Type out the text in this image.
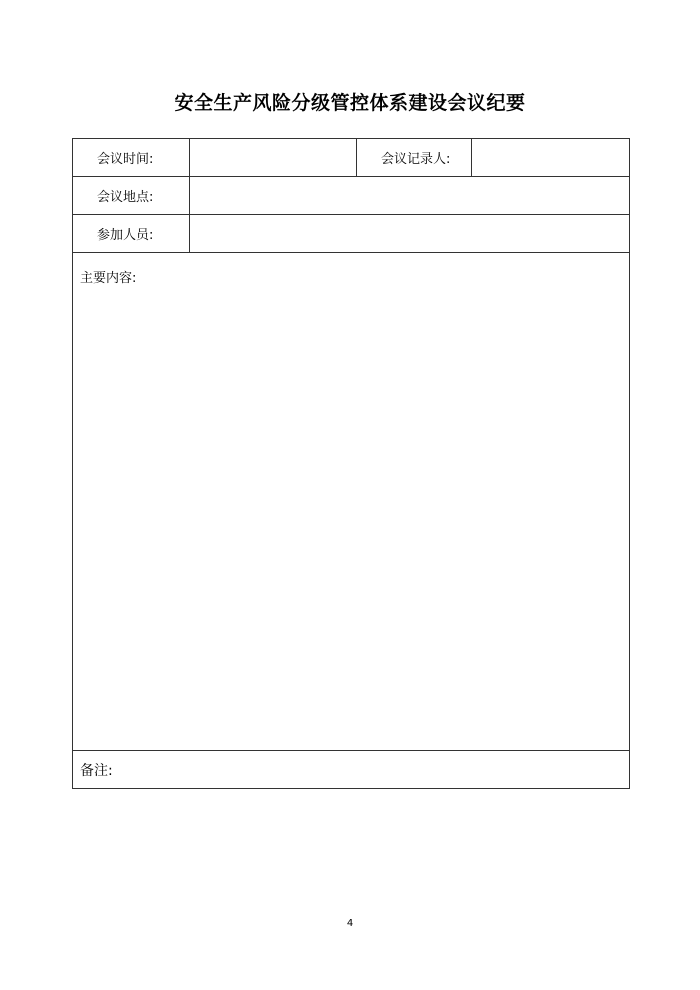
安全生产风险分级管控体系建设会议纪要
会议时间:		会议记录人:	
会议地点:			
参加人员:			
主要内容:			
备注:			
4
